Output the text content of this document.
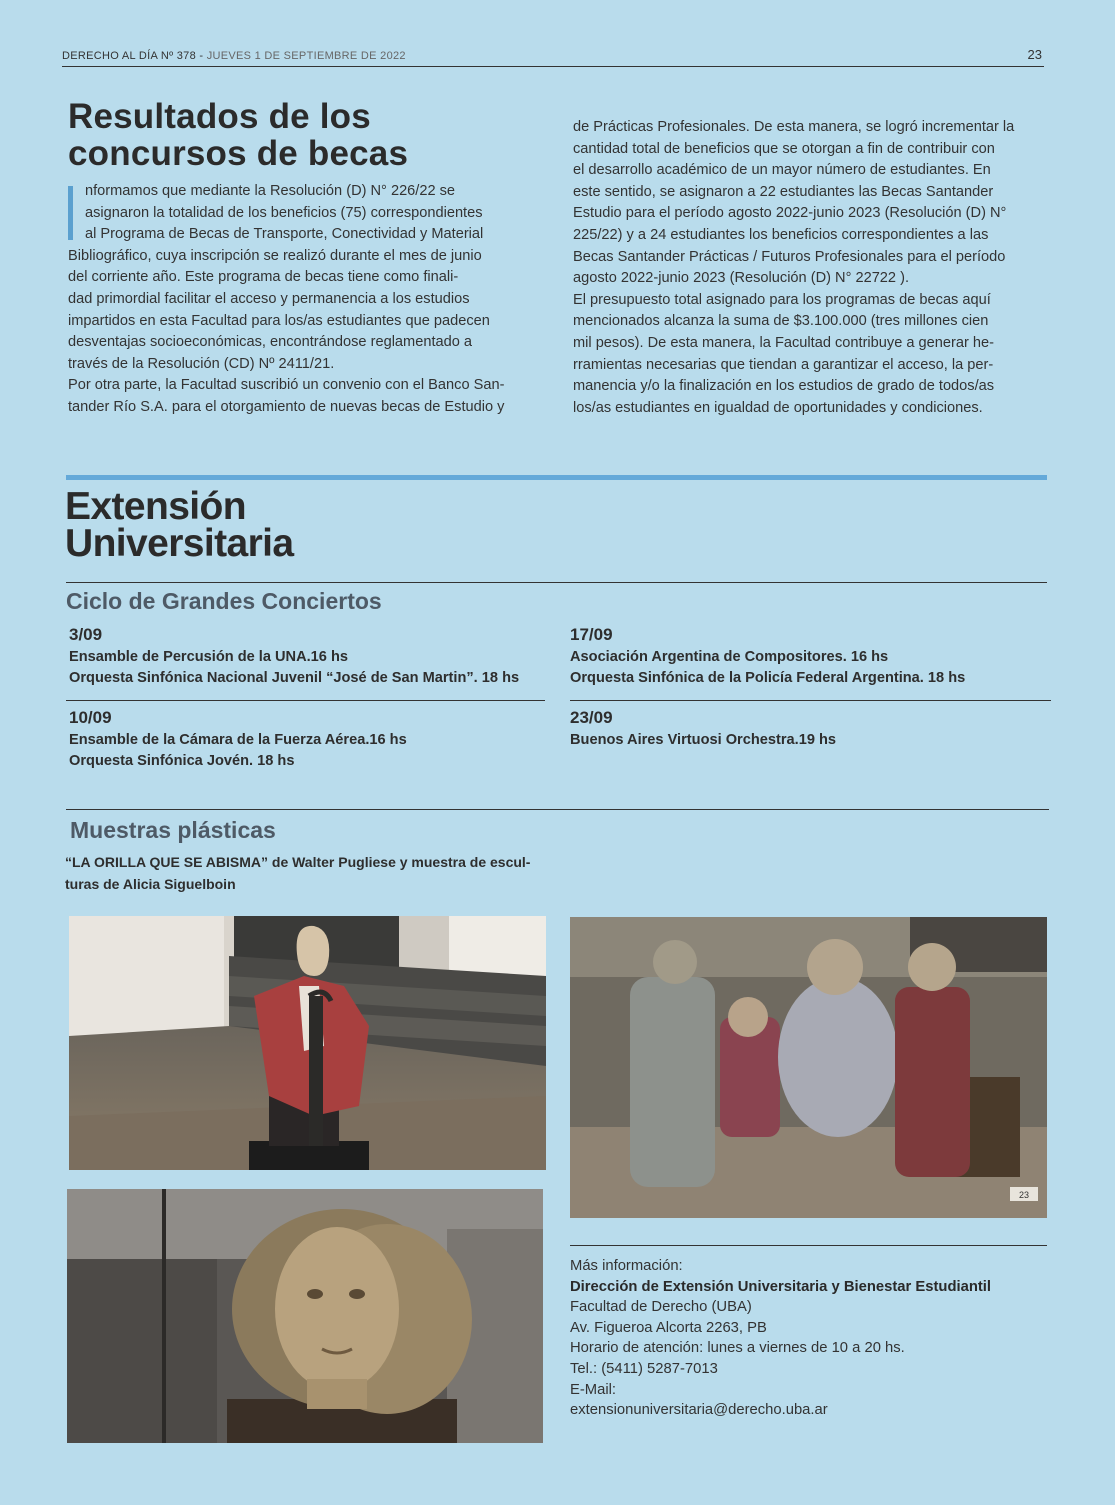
DERECHO AL DÍA Nº 378 - JUEVES 1 DE SEPTIEMBRE DE 2022	23
Resultados de los
concursos de becas

nformamos que mediante la Resolución (D) N° 226/22 se

asignaron la totalidad de los beneficios (75) correspondientes

al Programa de Becas de Transporte, Conectividad y Material

Bibliográfico, cuya inscripción se realizó durante el mes de junio

del corriente año. Este programa de becas tiene como finali-

dad primordial facilitar el acceso y permanencia a los estudios

impartidos en esta Facultad para los/as estudiantes que padecen

desventajas socioeconómicas, encontrándose reglamentado a

través de la Resolución (CD) Nº 2411/21.

Por otra parte, la Facultad suscribió un convenio con el Banco San-

tander Río S.A. para el otorgamiento de nuevas becas de Estudio y

de Prácticas Profesionales. De esta manera, se logró incrementar la

cantidad total de beneficios que se otorgan a fin de contribuir con

el desarrollo académico de un mayor número de estudiantes. En

este sentido, se asignaron a 22 estudiantes las Becas Santander

Estudio para el período agosto 2022-junio 2023 (Resolución (D) N°

225/22) y a 24 estudiantes los beneficios correspondientes a las

Becas Santander Prácticas / Futuros Profesionales para el período

agosto 2022-junio 2023 (Resolución (D) N° 22722 ).

El presupuesto total asignado para los programas de becas aquí

mencionados alcanza la suma de $3.100.000 (tres millones cien

mil pesos). De esta manera, la Facultad contribuye a generar he-

rramientas necesarias que tiendan a garantizar el acceso, la per-

manencia y/o la finalización en los estudios de grado de todos/as

los/as estudiantes en igualdad de oportunidades y condiciones.

Extensión
Universitaria
Ciclo de Grandes Conciertos
3/09
Ensamble de Percusión de la UNA.16 hs
Orquesta Sinfónica Nacional Juvenil “José de San Martin”. 18 hs
17/09
Asociación Argentina de Compositores. 16 hs
Orquesta Sinfónica de la Policía Federal Argentina. 18 hs
10/09
Ensamble de la Cámara de la Fuerza Aérea.16 hs
Orquesta Sinfónica Jovén. 18 hs
23/09
Buenos Aires Virtuosi Orchestra.19 hs
Muestras plásticas
“LA ORILLA QUE SE ABISMA” de Walter Pugliese y muestra de escul-
turas de Alicia Siguelboin
23
Más información:
Dirección de Extensión Universitaria y Bienestar Estudiantil
Facultad de Derecho (UBA)
Av. Figueroa Alcorta 2263, PB
Horario de atención: lunes a viernes de 10 a 20 hs.
Tel.: (5411) 5287-7013
E-Mail:
extensionuniversitaria@derecho.uba.ar
